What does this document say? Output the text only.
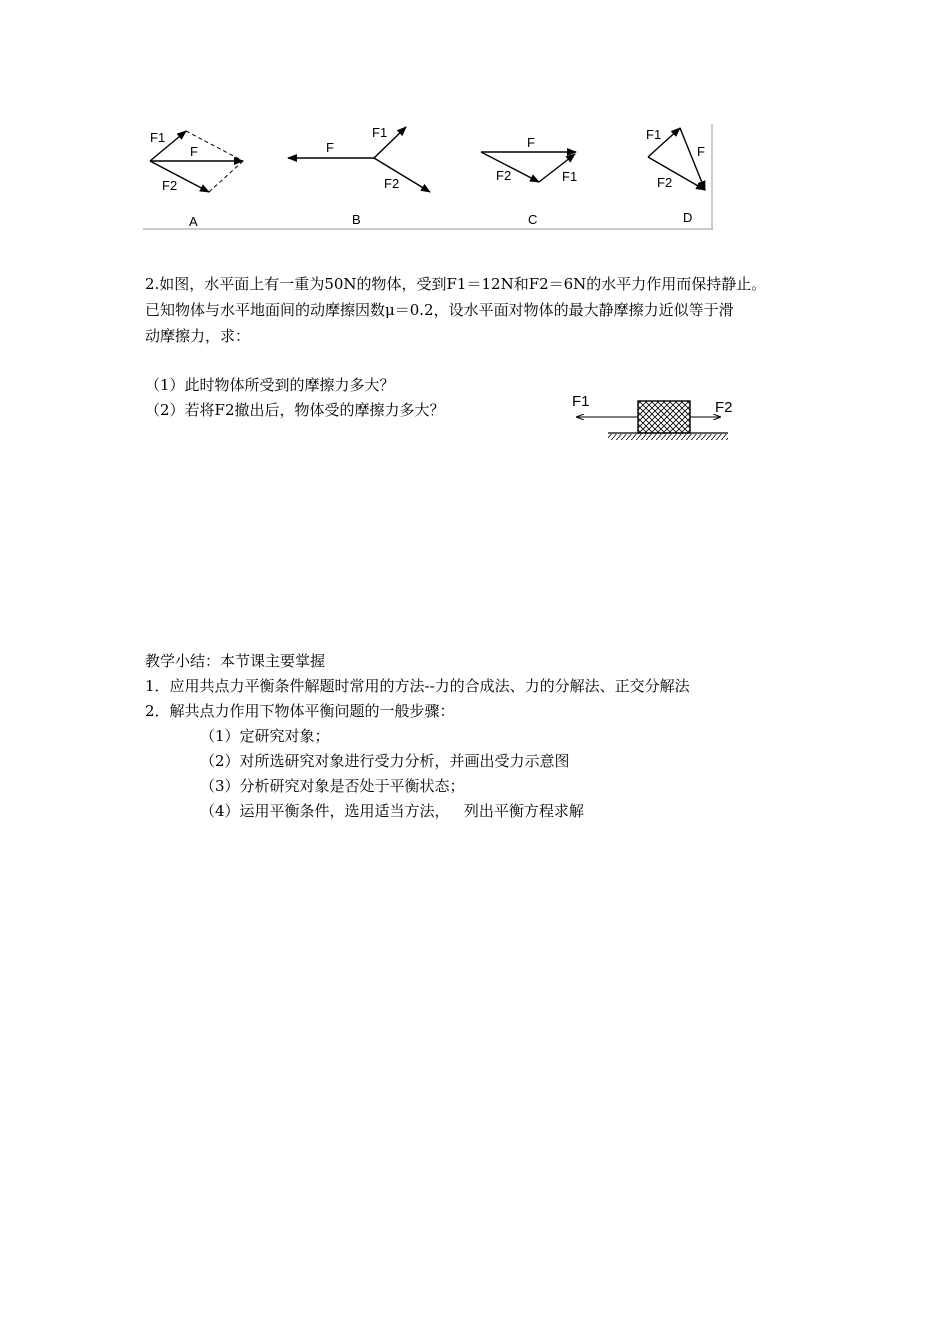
F1
F
F2
A
F
F1
F2
B
F
F2	F1
C
F1
F
F2
D
2.如图，水平面上有一重为50N的物体，受到F1＝12N和F2＝6N的水平力作用而保持静止。
已知物体与水平地面间的动摩擦因数μ＝0.2，设水平面对物体的最大静摩擦力近似等于滑
动摩擦力，求：
（1）此时物体所受到的摩擦力多大？
（2）若将F2撤出后，物体受的摩擦力多大？	F1	F2
教学小结：本节课主要掌握
1．应用共点力平衡条件解题时常用的方法--力的合成法、力的分解法、正交分解法
2．解共点力作用下物体平衡问题的一般步骤：
（1）定研究对象；
（2）对所选研究对象进行受力分析，并画出受力示意图
（3）分析研究对象是否处于平衡状态；
（4）运用平衡条件，选用适当方法，   列出平衡方程求解
